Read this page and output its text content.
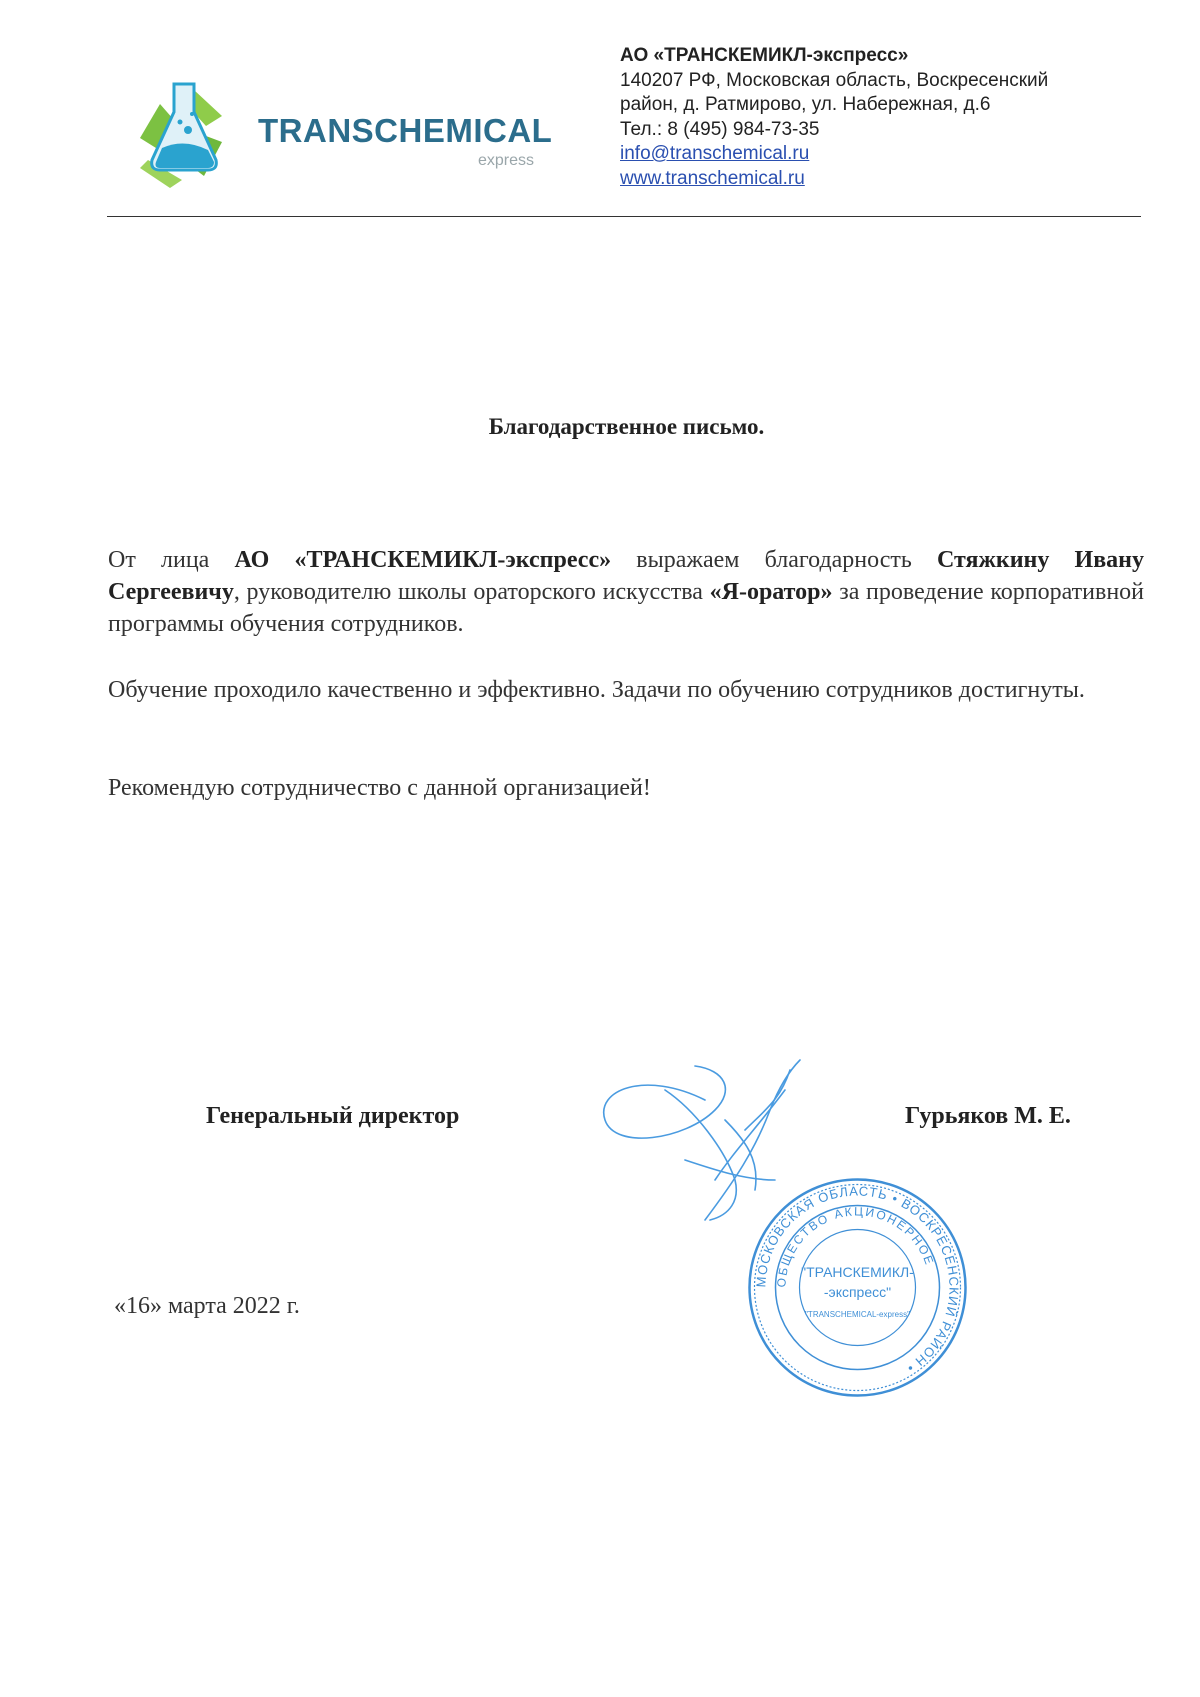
TRANSCHEMICAL
express
АО «ТРАНСКЕМИКЛ-экспресс»
140207 РФ, Московская область, Воскресенский
район, д. Ратмирово, ул. Набережная, д.6
Тел.: 8 (495) 984-73-35
info@transchemical.ru
www.transchemical.ru
Благодарственное письмо.
От лица АО «ТРАНСКЕМИКЛ-экспресс» выражаем благодарность Стяжкину Ивану Сергеевичу, руководителю школы ораторского искусства «Я-оратор» за проведение корпоративной программы обучения сотрудников.
Обучение проходило качественно и эффективно. Задачи по обучению сотрудников достигнуты.
Рекомендую сотрудничество с данной организацией!
Генеральный директор	Гурьяков М. Е.
МОСКОВСКАЯ ОБЛАСТЬ • ВОСКРЕСЕНСКИЙ РАЙОН •
ОБЩЕСТВО АКЦИОНЕРНОЕ
"ТРАНСКЕМИКЛ-
-экспресс"
"TRANSCHEMICAL-express"
«16» марта 2022 г.
